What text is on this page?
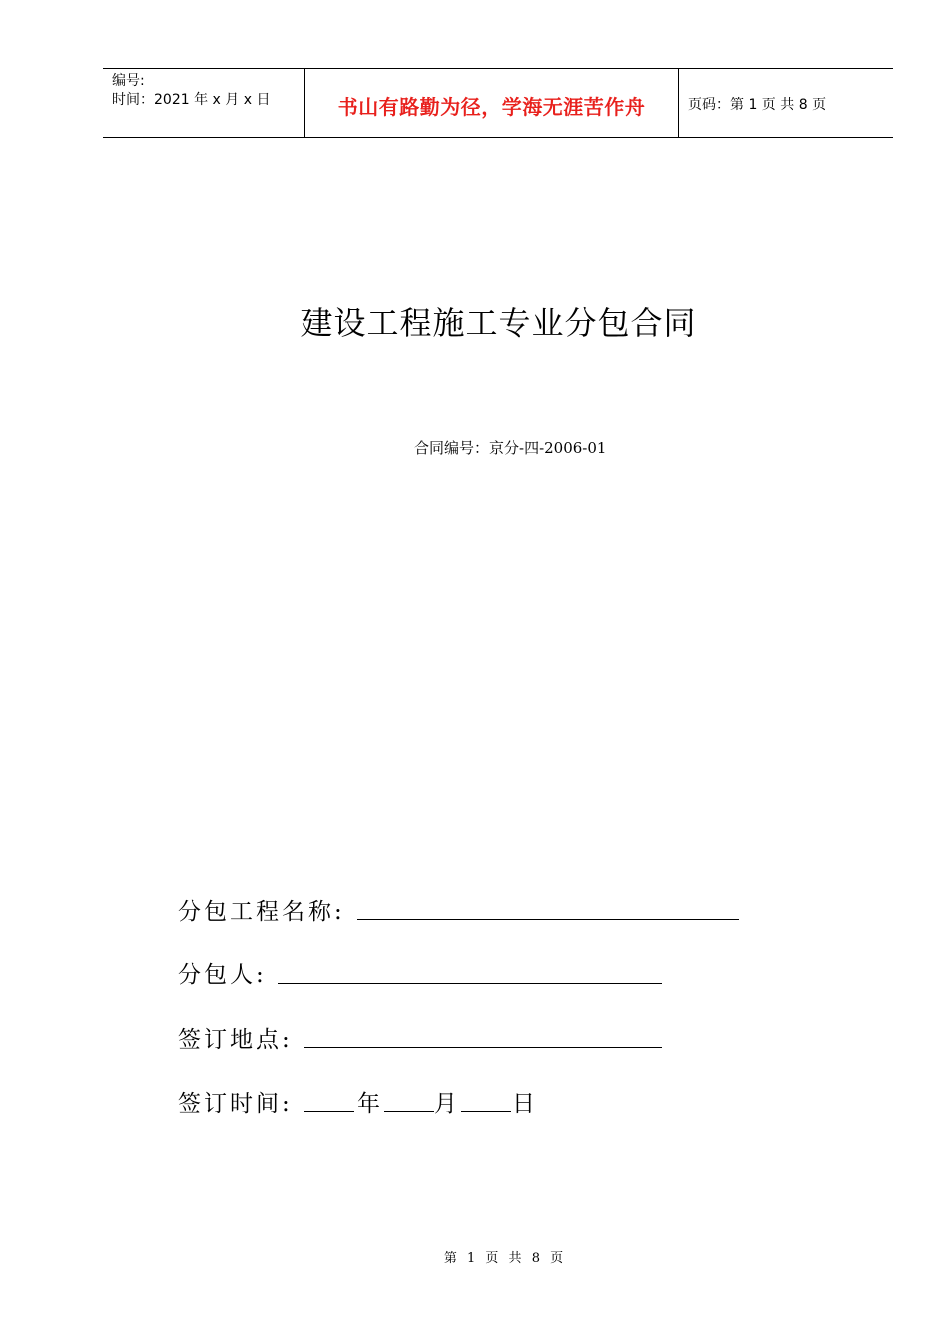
编号:
时间：2021 年 x 月 x 日	书山有路勤为径，学海无涯苦作舟	页码：第 1 页 共 8 页
建设工程施工专业分包合同
合同编号：京分-四-2006-01
分包工程名称:
分包人:
签订地点:
签订时间:	年 月 日
第 1 页 共 8 页
